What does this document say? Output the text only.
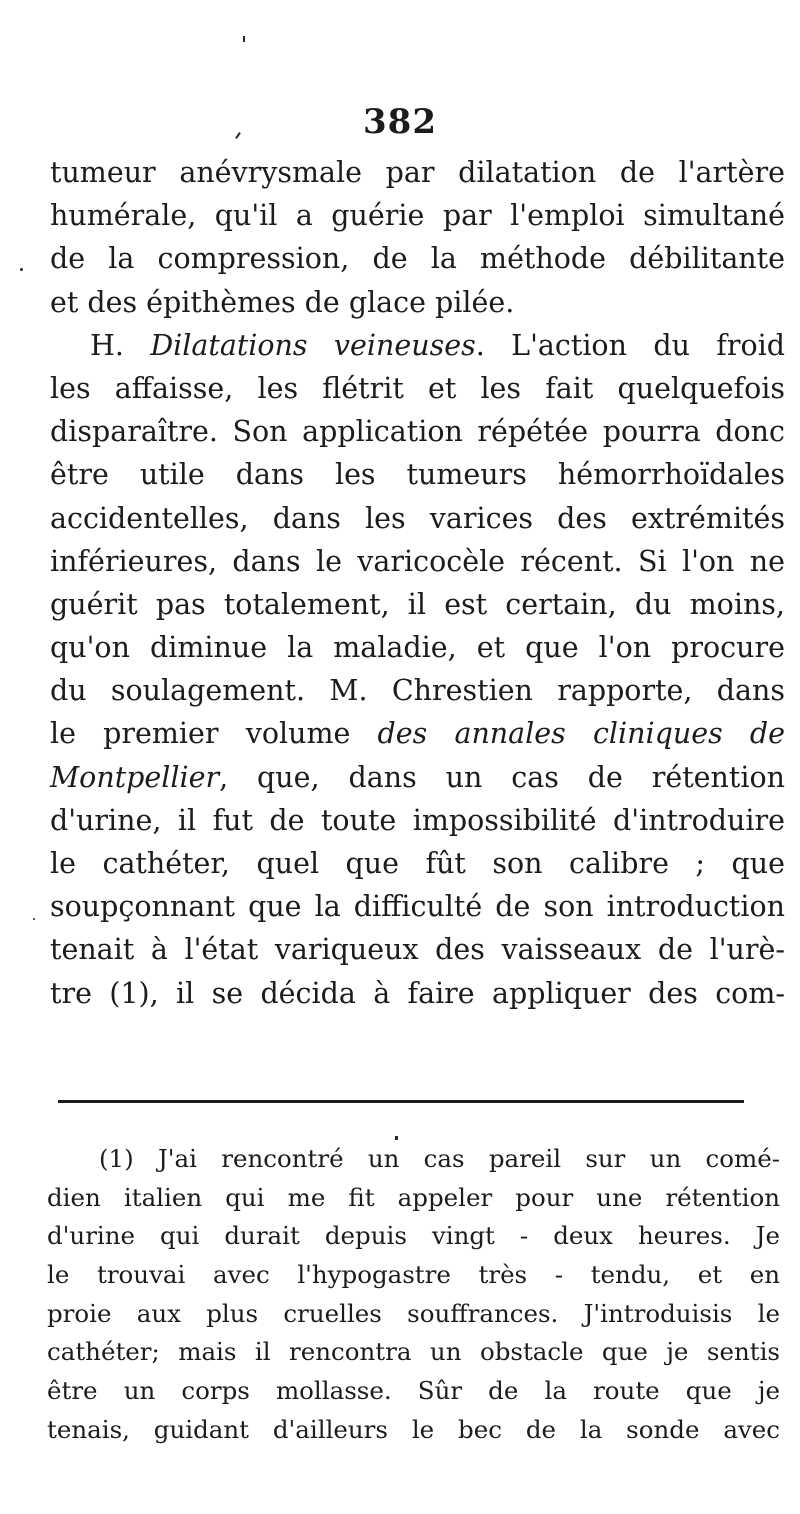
382
tumeur anévrysmale par dilatation de l'artère
humérale, qu'il a guérie par l'emploi simultané
de la compression, de la méthode débilitante
et des épithèmes de glace pilée.
H. Dilatations veineuses. L'action du froid
les affaisse, les flétrit et les fait quelquefois
disparaître. Son application répétée pourra donc
être utile dans les tumeurs hémorrhoïdales
accidentelles, dans les varices des extrémités
inférieures, dans le varicocèle récent. Si l'on ne
guérit pas totalement, il est certain, du moins,
qu'on diminue la maladie, et que l'on procure
du soulagement. M. Chrestien rapporte, dans
le premier volume des annales cliniques de
Montpellier, que, dans un cas de rétention
d'urine, il fut de toute impossibilité d'introduire
le cathéter, quel que fût son calibre ; que
soupçonnant que la difficulté de son introduction
tenait à l'état variqueux des vaisseaux de l'urè-
tre (1), il se décida à faire appliquer des com-
(1) J'ai rencontré un cas pareil sur un comé-
dien italien qui me fit appeler pour une rétention
d'urine qui durait depuis vingt - deux heures. Je
le trouvai avec l'hypogastre très - tendu, et en
proie aux plus cruelles souffrances. J'introduisis le
cathéter; mais il rencontra un obstacle que je sentis
être un corps mollasse. Sûr de la route que je
tenais, guidant d'ailleurs le bec de la sonde avec
